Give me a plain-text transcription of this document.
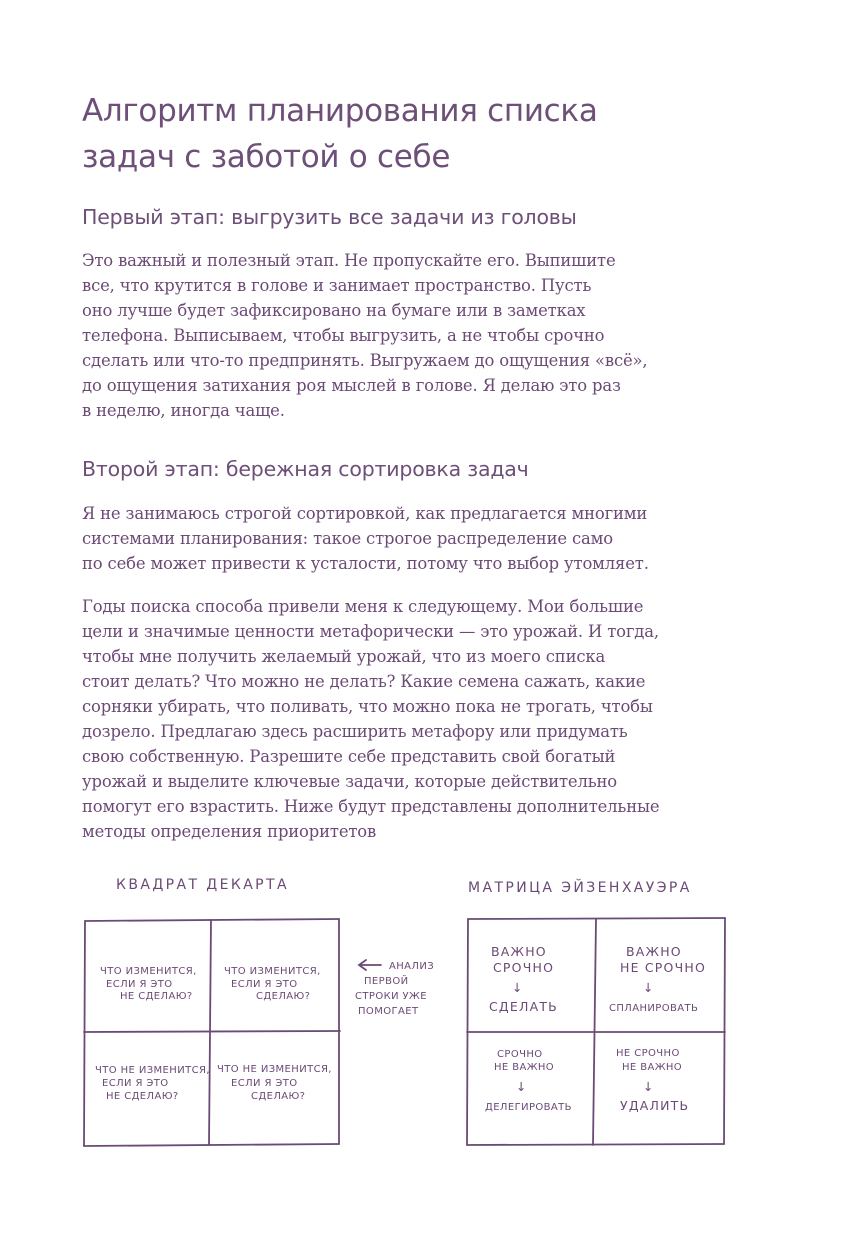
Алгоритм планирования списка
задач с заботой о себе
Первый этап: выгрузить все задачи из головы

Это важный и полезный этап. Не пропускайте его. Выпишите
все, что крутится в голове и занимает пространство. Пусть
оно лучше будет зафиксировано на бумаге или в заметках
телефона. Выписываем, чтобы выгрузить, а не чтобы срочно
сделать или что-то предпринять. Выгружаем до ощущения «всё»,
до ощущения затихания роя мыслей в голове. Я делаю это раз
в неделю, иногда чаще.

Второй этап: бережная сортировка задач

Я не занимаюсь строгой сортировкой, как предлагается многими
системами планирования: такое строгое распределение само
по себе может привести к усталости, потому что выбор утомляет.

Годы поиска способа привели меня к следующему. Мои большие
цели и значимые ценности метафорически — это урожай. И тогда,
чтобы мне получить желаемый урожай, что из моего списка
стоит делать? Что можно не делать? Какие семена сажать, какие
сорняки убирать, что поливать, что можно пока не трогать, чтобы
дозрело. Предлагаю здесь расширить метафору или придумать
свою собственную. Разрешите себе представить свой богатый
урожай и выделите ключевые задачи, которые действительно
помогут его взрастить. Ниже будут представлены дополнительные
методы определения приоритетов

КВАДРАТ ДЕКАРТА
ЧТО ИЗМЕНИТСЯ,
ЕСЛИ Я ЭТО
НЕ СДЕЛАЮ?
ЧТО ИЗМЕНИТСЯ,
ЕСЛИ Я ЭТО
СДЕЛАЮ?
ЧТО НЕ ИЗМЕНИТСЯ,
ЕСЛИ Я ЭТО
НЕ СДЕЛАЮ?
ЧТО НЕ ИЗМЕНИТСЯ,
ЕСЛИ Я ЭТО
СДЕЛАЮ?
АНАЛИЗ
ПЕРВОЙ
СТРОКИ УЖЕ
ПОМОГАЕТ
МАТРИЦА ЭЙЗЕНХАУЭРА
ВАЖНО
СРОЧНО
↓
СДЕЛАТЬ
ВАЖНО
НЕ СРОЧНО
↓
СПЛАНИРОВАТЬ
СРОЧНО
НЕ ВАЖНО
↓
ДЕЛЕГИРОВАТЬ
НЕ СРОЧНО
НЕ ВАЖНО
↓
УДАЛИТЬ
